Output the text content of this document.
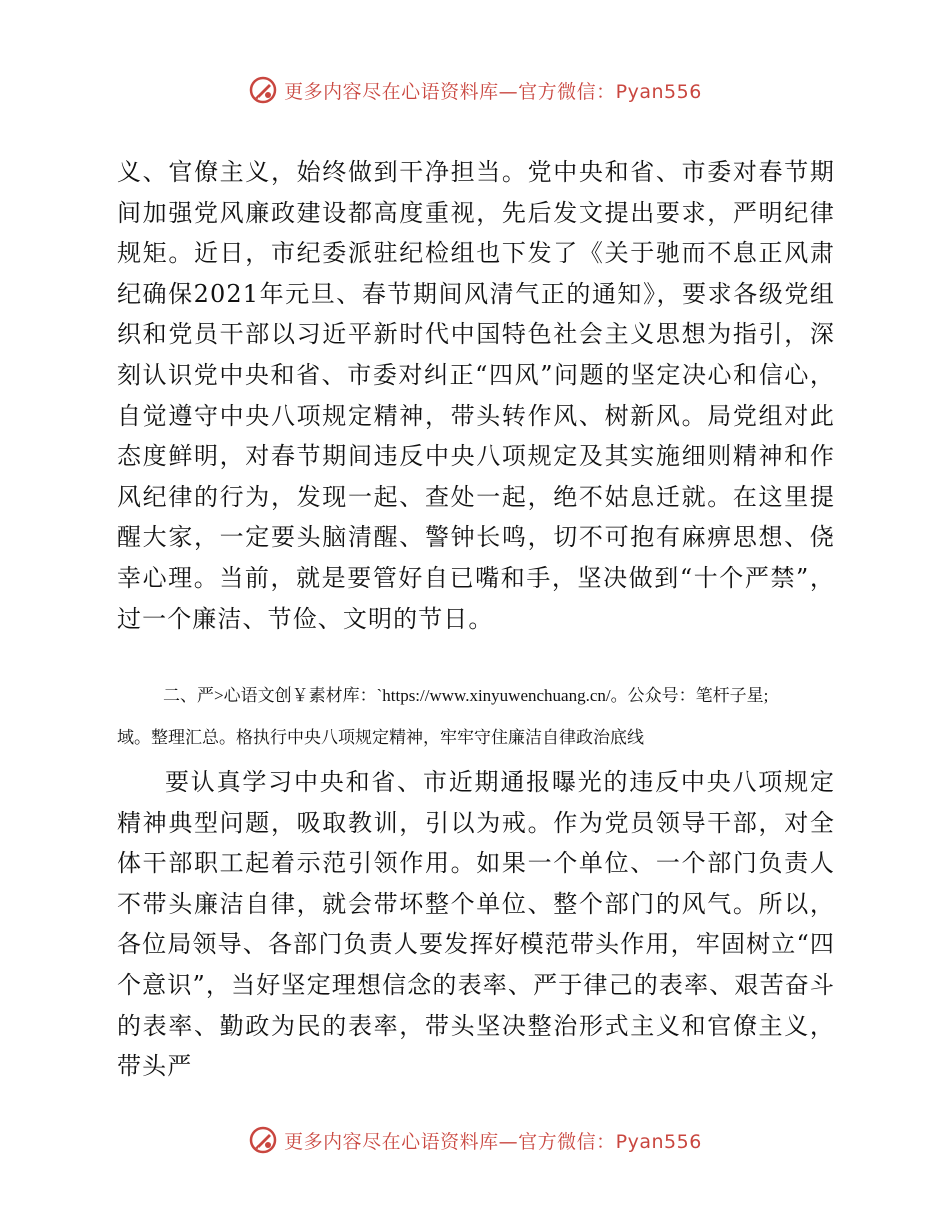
更多内容尽在心语资料库—官方微信：Pyan556

义、官僚主义，始终做到干净担当。党中央和省、市委对春节期间加强党风廉政建设都高度重视，先后发文提出要求，严明纪律规矩。近日，市纪委派驻纪检组也下发了《关于驰而不息正风肃纪确保2021年元旦、春节期间风清气正的通知》，要求各级党组织和党员干部以习近平新时代中国特色社会主义思想为指引，深刻认识党中央和省、市委对纠正“四风”问题的坚定决心和信心，自觉遵守中央八项规定精神，带头转作风、树新风。局党组对此态度鲜明，对春节期间违反中央八项规定及其实施细则精神和作风纪律的行为，发现一起、查处一起，绝不姑息迁就。在这里提醒大家，一定要头脑清醒、警钟长鸣，切不可抱有麻痹思想、侥幸心理。当前，就是要管好自已嘴和手，坚决做到“十个严禁”，过一个廉洁、节俭、文明的节日。

二、严>心语文创￥素材库：`https://www.xinyuwenchuang.cn/。公众号：笔杆子星;

域。整理汇总。格执行中央八项规定精神，牢牢守住廉洁自律政治底线

要认真学习中央和省、市近期通报曝光的违反中央八项规定精神典型问题，吸取教训，引以为戒。作为党员领导干部，对全体干部职工起着示范引领作用。如果一个单位、一个部门负责人不带头廉洁自律，就会带坏整个单位、整个部门的风气。所以，各位局领导、各部门负责人要发挥好模范带头作用，牢固树立“四个意识”，当好坚定理想信念的表率、严于律己的表率、艰苦奋斗的表率、勤政为民的表率，带头坚决整治形式主义和官僚主义，带头严

更多内容尽在心语资料库—官方微信：Pyan556
